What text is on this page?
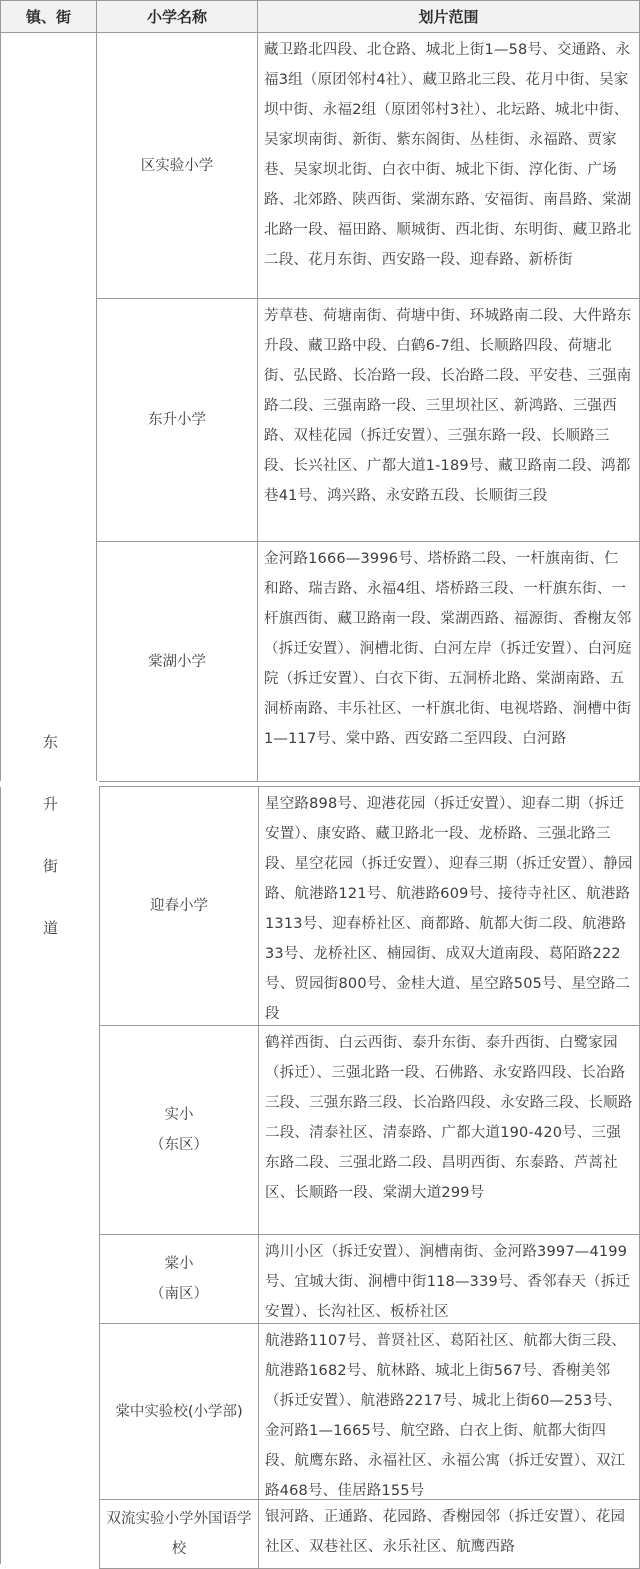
镇、街	小学名称	划片范围
东
升
街
道
区实验小学
藏卫路北四段、北仓路、城北上街1—58号、交通路、永福3组（原团邻村4社）、藏卫路北三段、花月中街、吴家坝中街、永福2组（原团邻村3社）、北坛路、城北中街、吴家坝南街、新街、紫东阁街、丛桂街、永福路、贾家巷、吴家坝北街、白衣中街、城北下街、淳化街、广场路、北郊路、陕西街、棠湖东路、安福街、南昌路、棠湖北路一段、福田路、顺城街、西北街、东明街、藏卫路北二段、花月东街、西安路一段、迎春路、新桥街
东升小学
芳草巷、荷塘南街、荷塘中街、环城路南二段、大件路东升段、藏卫路中段、白鹤6-7组、长顺路四段、荷塘北街、弘民路、长冶路一段、长冶路二段、平安巷、三强南路二段、三强南路一段、三里坝社区、新鸿路、三强西路、双桂花园（拆迁安置）、三强东路一段、长顺路三段、长兴社区、广都大道1-189号、藏卫路南二段、鸿都巷41号、鸿兴路、永安路五段、长顺街三段
棠湖小学
金河路1666—3996号、塔桥路二段、一杆旗南街、仁和路、瑞吉路、永福4组、塔桥路三段、一杆旗东街、一杆旗西街、藏卫路南一段、棠湖西路、福源街、香榭友邻（拆迁安置）、涧槽北街、白河左岸（拆迁安置）、白河庭院（拆迁安置）、白衣下街、五洞桥北路、棠湖南路、五洞桥南路、丰乐社区、一杆旗北街、电视塔路、涧槽中街1—117号、棠中路、西安路二至四段、白河路
迎春小学
星空路898号、迎港花园（拆迁安置）、迎春二期（拆迁安置）、康安路、藏卫路北一段、龙桥路、三强北路三段、星空花园（拆迁安置）、迎春三期（拆迁安置）、静园路、航港路121号、航港路609号、接待寺社区、航港路1313号、迎春桥社区、商都路、航都大街二段、航港路33号、龙桥社区、楠园街、成双大道南段、葛陌路222号、贸园街800号、金桂大道、星空路505号、星空路二段
实小
（东区）
鹤祥西街、白云西街、泰升东街、泰升西街、白鹭家园（拆迁）、三强北路一段、石佛路、永安路四段、长冶路三段、三强东路三段、长冶路四段、永安路三段、长顺路二段、清泰社区、清泰路、广都大道190-420号、三强东路二段、三强北路二段、昌明西街、东泰路、芦蒿社区、长顺路一段、棠湖大道299号
棠小
（南区）
鸿川小区（拆迁安置）、涧槽南街、金河路3997—4199号、宜城大街、涧槽中街118—339号、香邻春天（拆迁安置）、长沟社区、板桥社区
棠中实验校(小学部)
航港路1107号、普贤社区、葛陌社区、航都大街三段、航港路1682号、航林路、城北上街567号、香榭美邻（拆迁安置）、航港路2217号、城北上街60—253号、金河路1—1665号、航空路、白衣上街、航都大街四段、航鹰东路、永福社区、永福公寓（拆迁安置）、双江路468号、佳居路155号
双流实验小学外国语学校
银河路、正通路、花园路、香榭园邻（拆迁安置）、花园社区、双巷社区、永乐社区、航鹰西路
